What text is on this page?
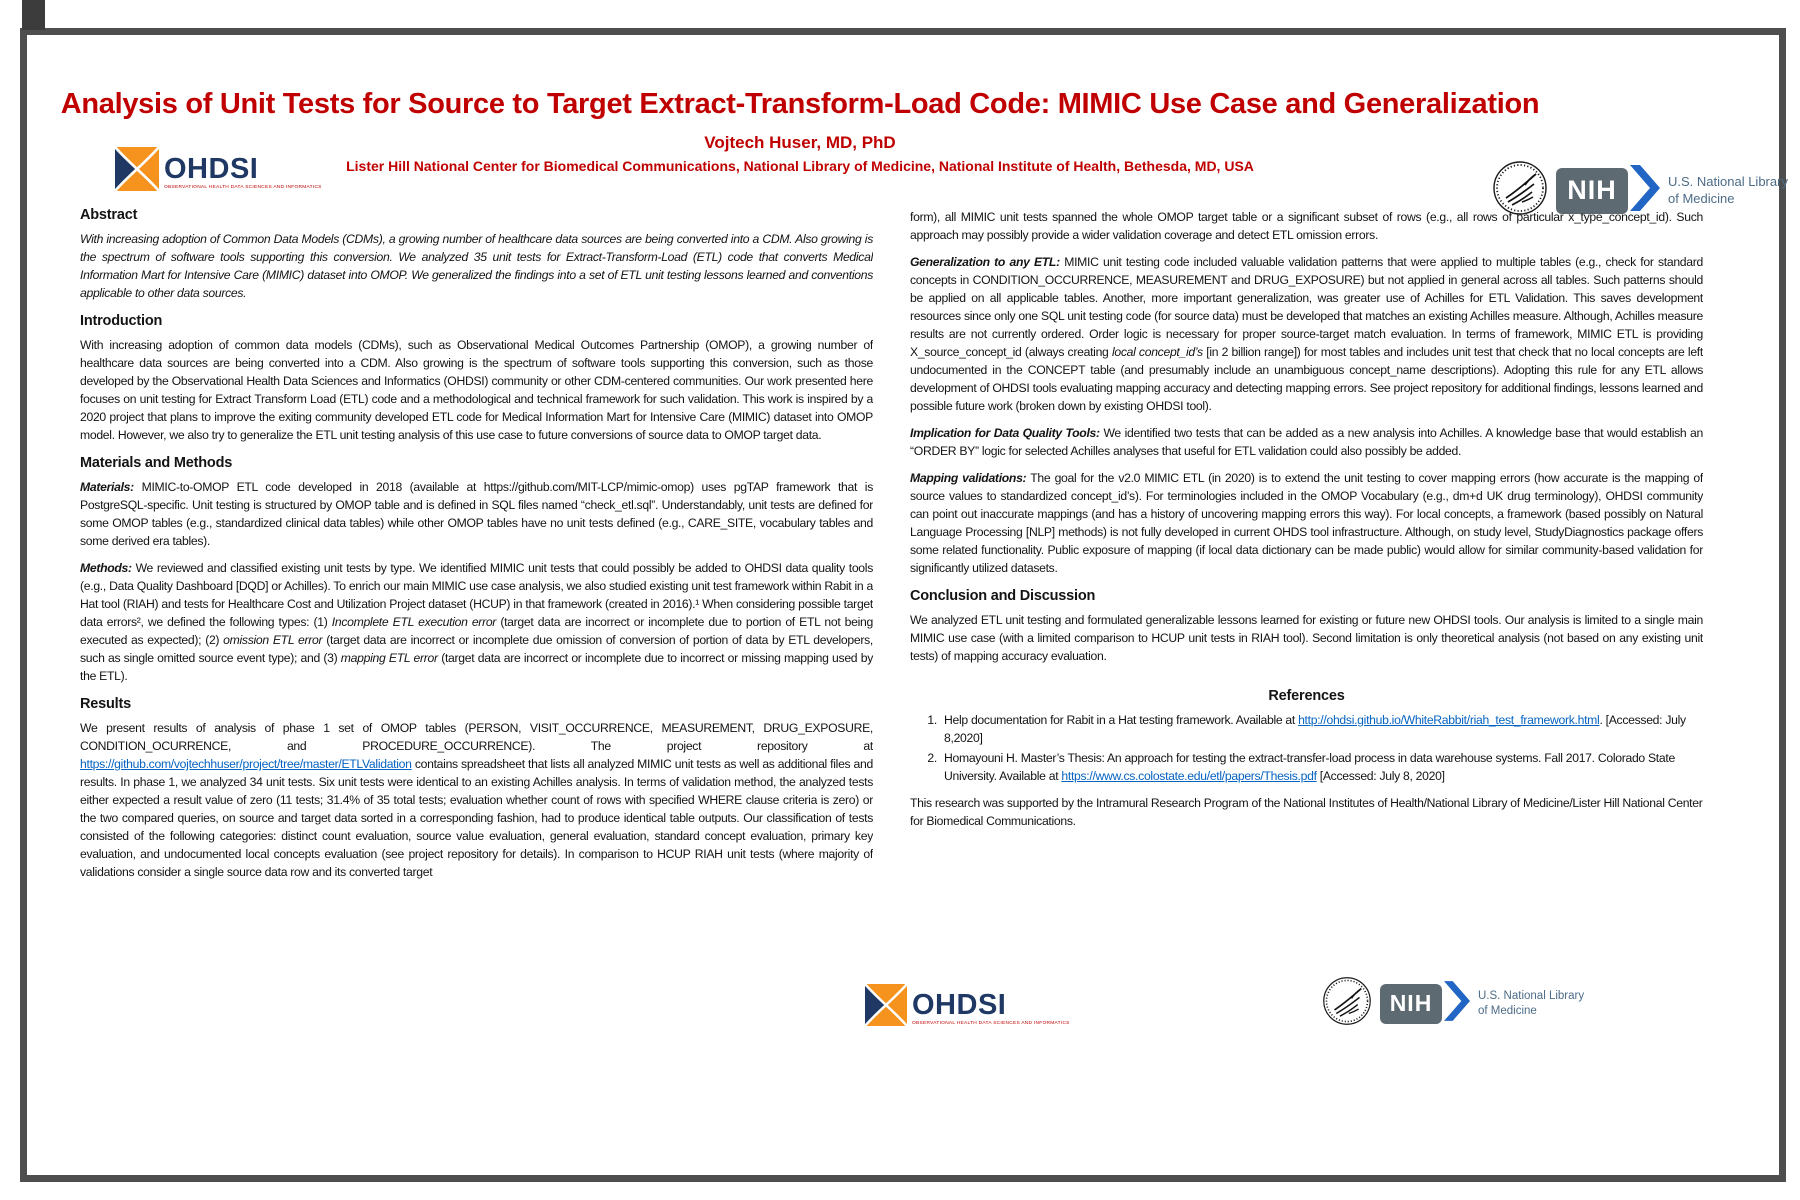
Analysis of Unit Tests for Source to Target Extract-Transform-Load Code: MIMIC Use Case and Generalization
Vojtech Huser, MD, PhD
Lister Hill National Center for Biomedical Communications, National Library of Medicine, National Institute of Health, Bethesda, MD, USA
OHDSI
OBSERVATIONAL HEALTH DATA SCIENCES AND INFORMATICS	NIH	U.S. National Library
of Medicine
Abstract

With increasing adoption of Common Data Models (CDMs), a growing number of healthcare data sources are being converted into a CDM. Also growing is the spectrum of software tools supporting this conversion. We analyzed 35 unit tests for Extract-Transform-Load (ETL) code that converts Medical Information Mart for Intensive Care (MIMIC) dataset into OMOP. We generalized the findings into a set of ETL unit testing lessons learned and conventions applicable to other data sources.

Introduction

With increasing adoption of common data models (CDMs), such as Observational Medical Outcomes Partnership (OMOP), a growing number of healthcare data sources are being converted into a CDM. Also growing is the spectrum of software tools supporting this conversion, such as those developed by the Observational Health Data Sciences and Informatics (OHDSI) community or other CDM-centered communities. Our work presented here focuses on unit testing for Extract Transform Load (ETL) code and a methodological and technical framework for such validation. This work is inspired by a 2020 project that plans to improve the exiting community developed ETL code for Medical Information Mart for Intensive Care (MIMIC) dataset into OMOP model. However, we also try to generalize the ETL unit testing analysis of this use case to future conversions of source data to OMOP target data.

Materials and Methods

Materials: MIMIC-to-OMOP ETL code developed in 2018 (available at https://github.com/MIT-LCP/mimic-omop) uses pgTAP framework that is PostgreSQL-specific. Unit testing is structured by OMOP table and is defined in SQL files named “check_etl.sql”. Understandably, unit tests are defined for some OMOP tables (e.g., standardized clinical data tables) while other OMOP tables have no unit tests defined (e.g., CARE_SITE, vocabulary tables and some derived era tables).

Methods: We reviewed and classified existing unit tests by type. We identified MIMIC unit tests that could possibly be added to OHDSI data quality tools (e.g., Data Quality Dashboard [DQD] or Achilles). To enrich our main MIMIC use case analysis, we also studied existing unit test framework within Rabit in a Hat tool (RIAH) and tests for Healthcare Cost and Utilization Project dataset (HCUP) in that framework (created in 2016).¹ When considering possible target data errors², we defined the following types: (1) Incomplete ETL execution error (target data are incorrect or incomplete due to portion of ETL not being executed as expected); (2) omission ETL error (target data are incorrect or incomplete due omission of conversion of portion of data by ETL developers, such as single omitted source event type); and (3) mapping ETL error (target data are incorrect or incomplete due to incorrect or missing mapping used by the ETL).

Results

We present results of analysis of phase 1 set of OMOP tables (PERSON, VISIT_OCCURRENCE, MEASUREMENT, DRUG_EXPOSURE, CONDITION_OCURRENCE, and PROCEDURE_OCCURRENCE). The project repository at https://github.com/vojtechhuser/project/tree/master/ETLValidation contains spreadsheet that lists all analyzed MIMIC unit tests as well as additional files and results. In phase 1, we analyzed 34 unit tests. Six unit tests were identical to an existing Achilles analysis. In terms of validation method, the analyzed tests either expected a result value of zero (11 tests; 31.4% of 35 total tests; evaluation whether count of rows with specified WHERE clause criteria is zero) or the two compared queries, on source and target data sorted in a corresponding fashion, had to produce identical table outputs. Our classification of tests consisted of the following categories: distinct count evaluation, source value evaluation, general evaluation, standard concept evaluation, primary key evaluation, and undocumented local concepts evaluation (see project repository for details). In comparison to HCUP RIAH unit tests (where majority of validations consider a single source data row and its converted target

form), all MIMIC unit tests spanned the whole OMOP target table or a significant subset of rows (e.g., all rows of particular x_type_concept_id). Such approach may possibly provide a wider validation coverage and detect ETL omission errors.

Generalization to any ETL: MIMIC unit testing code included valuable validation patterns that were applied to multiple tables (e.g., check for standard concepts in CONDITION_OCCURRENCE, MEASUREMENT and DRUG_EXPOSURE) but not applied in general across all tables. Such patterns should be applied on all applicable tables. Another, more important generalization, was greater use of Achilles for ETL Validation. This saves development resources since only one SQL unit testing code (for source data) must be developed that matches an existing Achilles measure. Although, Achilles measure results are not currently ordered. Order logic is necessary for proper source-target match evaluation. In terms of framework, MIMIC ETL is providing X_source_concept_id (always creating local concept_id’s [in 2 billion range]) for most tables and includes unit test that check that no local concepts are left undocumented in the CONCEPT table (and presumably include an unambiguous concept_name descriptions). Adopting this rule for any ETL allows development of OHDSI tools evaluating mapping accuracy and detecting mapping errors. See project repository for additional findings, lessons learned and possible future work (broken down by existing OHDSI tool).

Implication for Data Quality Tools: We identified two tests that can be added as a new analysis into Achilles. A knowledge base that would establish an “ORDER BY” logic for selected Achilles analyses that useful for ETL validation could also possibly be added.

Mapping validations: The goal for the v2.0 MIMIC ETL (in 2020) is to extend the unit testing to cover mapping errors (how accurate is the mapping of source values to standardized concept_id’s). For terminologies included in the OMOP Vocabulary (e.g., dm+d UK drug terminology), OHDSI community can point out inaccurate mappings (and has a history of uncovering mapping errors this way). For local concepts, a framework (based possibly on Natural Language Processing [NLP] methods) is not fully developed in current OHDS tool infrastructure. Although, on study level, StudyDiagnostics package offers some related functionality. Public exposure of mapping (if local data dictionary can be made public) would allow for similar community-based validation for significantly utilized datasets.

Conclusion and Discussion

We analyzed ETL unit testing and formulated generalizable lessons learned for existing or future new OHDSI tools. Our analysis is limited to a single main MIMIC use case (with a limited comparison to HCUP unit tests in RIAH tool). Second limitation is only theoretical analysis (not based on any existing unit tests) of mapping accuracy evaluation.

References
1. Help documentation for Rabit in a Hat testing framework. Available at http://ohdsi.github.io/WhiteRabbit/riah_test_framework.html. [Accessed: July 8,2020]
2. Homayouni H. Master’s Thesis: An approach for testing the extract-transfer-load process in data warehouse systems. Fall 2017. Colorado State University. Available at https://www.cs.colostate.edu/etl/papers/Thesis.pdf [Accessed: July 8, 2020]

This research was supported by the Intramural Research Program of the National Institutes of Health/National Library of Medicine/Lister Hill National Center for Biomedical Communications.

OHDSI
OBSERVATIONAL HEALTH DATA SCIENCES AND INFORMATICS
NIH	U.S. National Library
of Medicine
